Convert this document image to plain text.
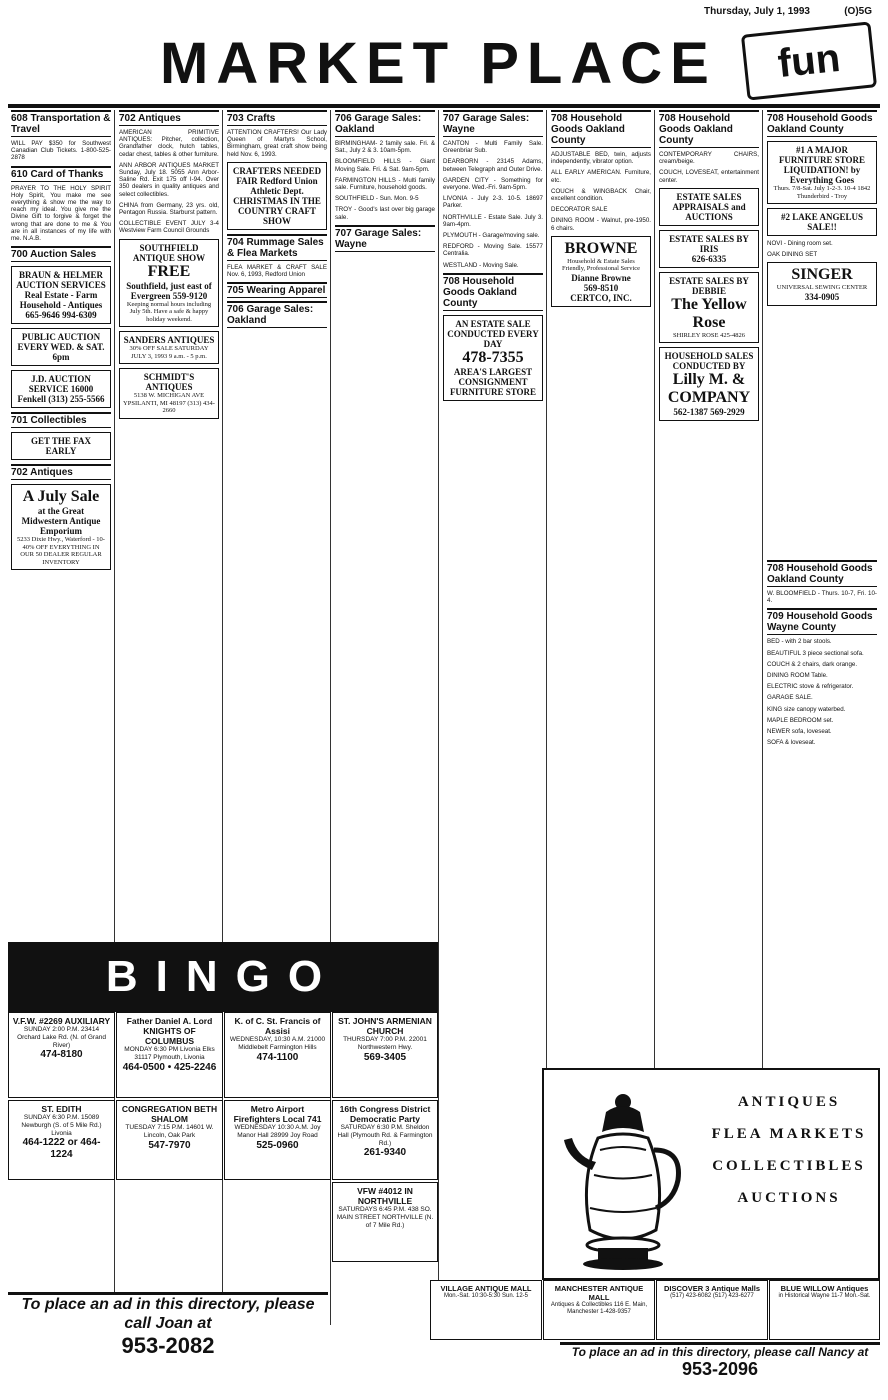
Thursday, July 1, 1993	(O)5G
MARKET PLACE	fun
608 Transportation & Travel
WILL PAY $350 for Southwest Canadian Club Tickets. 1-800-525-2878
610 Card of Thanks
PRAYER TO THE HOLY SPIRIT Holy Spirit, You make me see everything & show me the way to reach my ideal. You give me the Divine Gift to forgive & forget the wrong that are done to me & You are in all instances of my life with me. N.A.B.
700 Auction Sales
BRAUN & HELMER AUCTION SERVICES Real Estate - Farm Household - Antiques 665-9646 994-6309
PUBLIC AUCTION EVERY WED. & SAT. 6pm
J.D. AUCTION SERVICE 16000 Fenkell (313) 255-5566
701 Collectibles
GET THE FAX EARLY
702 Antiques
A July Sale
at the Great Midwestern Antique Emporium
5233 Dixie Hwy., Waterford - 10-40% OFF EVERYTHING IN OUR 50 DEALER REGULAR INVENTORY
702 Antiques
AMERICAN PRIMITIVE ANTIQUES: Pitcher, collection, Grandfather clock, hutch tables, cedar chest, tables & other furniture.
ANN ARBOR ANTIQUES MARKET Sunday, July 18. 5055 Ann Arbor-Saline Rd. Exit 175 off I-94. Over 350 dealers in quality antiques and select collectibles.
CHINA from Germany, 23 yrs. old, Pentagon Russia. Starburst pattern.
COLLECTIBLE EVENT JULY 3-4 Westview Farm Council Grounds
SOUTHFIELD ANTIQUE SHOW
FREE
Southfield, just east of Evergreen 559-9120
Keeping normal hours including July 5th. Have a safe & happy holiday weekend.
SANDERS ANTIQUES
30% OFF SALE SATURDAY JULY 3, 1993 9 a.m. - 5 p.m.
SCHMIDT'S ANTIQUES
5138 W. MICHIGAN AVE YPSILANTI, MI 48197 (313) 434-2660
703 Crafts
ATTENTION CRAFTERS! Our Lady Queen of Martyrs School, Birmingham, great craft show being held Nov. 6, 1993.
CRAFTERS NEEDED FAIR Redford Union Athletic Dept. CHRISTMAS IN THE COUNTRY CRAFT SHOW
704 Rummage Sales & Flea Markets
FLEA MARKET & CRAFT SALE Nov. 6, 1993, Redford Union
705 Wearing Apparel
706 Garage Sales: Oakland
706 Garage Sales: Oakland
BIRMINGHAM- 2 family sale. Fri. & Sat., July 2 & 3. 10am-5pm.
BLOOMFIELD HILLS - Giant Moving Sale. Fri. & Sat. 9am-5pm.
FARMINGTON HILLS - Multi family sale. Furniture, household goods.
SOUTHFIELD - Sun. Mon. 9-5
TROY - Good's last over big garage sale.
707 Garage Sales: Wayne
707 Garage Sales: Wayne
CANTON - Multi Family Sale. Greenbriar Sub.
DEARBORN - 23145 Adams, between Telegraph and Outer Drive.
GARDEN CITY - Something for everyone. Wed.-Fri. 9am-5pm.
LIVONIA - July 2-3. 10-5. 18697 Parker.
NORTHVILLE - Estate Sale. July 3. 9am-4pm.
PLYMOUTH - Garage/moving sale.
REDFORD - Moving Sale. 15577 Centralia.
WESTLAND - Moving Sale.
708 Household Goods Oakland County
AN ESTATE SALE CONDUCTED EVERY DAY
478-7355
AREA'S LARGEST CONSIGNMENT FURNITURE STORE
708 Household Goods Oakland County
ADJUSTABLE BED, twin, adjusts independently, vibrator option.
ALL EARLY AMERICAN. Furniture, etc.
COUCH & WINGBACK Chair, excellent condition.
DECORATOR SALE
DINING ROOM - Walnut, pre-1950. 6 chairs.
BROWNE
Household & Estate Sales Friendly, Professional Service
Dianne Browne
569-8510
CERTCO, INC.
708 Household Goods Oakland County
CONTEMPORARY CHAIRS, cream/beige.
COUCH, LOVESEAT, entertainment center.
ESTATE SALES APPRAISALS and AUCTIONS
ESTATE SALES BY IRIS
626-6335
ESTATE SALES BY DEBBIE
The Yellow Rose
SHIRLEY ROSE 425-4826
HOUSEHOLD SALES CONDUCTED BY
Lilly M. & COMPANY
562-1387 569-2929
708 Household Goods Oakland County
#1 A MAJOR FURNITURE STORE LIQUIDATION! by Everything Goes
Thurs. 7/8-Sat. July 1-2-3. 10-4 1842 Thunderbird - Troy
#2 LAKE ANGELUS SALE!!
NOVI - Dining room set.
OAK DINING SET
SINGER
UNIVERSAL SEWING CENTER
334-0905
708 Household Goods Oakland County
W. BLOOMFIELD - Thurs. 10-7, Fri. 10-4.
709 Household Goods Wayne County
BED - with 2 bar stools.
BEAUTIFUL 3 piece sectional sofa.
COUCH & 2 chairs, dark orange.
DINING ROOM Table.
ELECTRIC stove & refrigerator.
GARAGE SALE.
KING size canopy waterbed.
MAPLE BEDROOM set.
NEWER sofa, loveseat.
SOFA & loveseat.
BINGO
V.F.W. #2269 AUXILIARY
SUNDAY 2:00 P.M. 23414 Orchard Lake Rd. (N. of Grand River)
474-8180
Father Daniel A. Lord KNIGHTS OF COLUMBUS
MONDAY 6:30 PM Livonia Elks 31117 Plymouth, Livonia
464-0500 • 425-2246
K. of C. St. Francis of Assisi
WEDNESDAY, 10:30 A.M. 21000 Middlebelt Farmington Hills
474-1100
ST. JOHN'S ARMENIAN CHURCH
THURSDAY 7:00 P.M. 22001 Northwestern Hwy.
569-3405
ST. EDITH
SUNDAY 6:30 P.M. 15089 Newburgh (S. of 5 Mile Rd.) Livonia
464-1222 or 464-1224
CONGREGATION BETH SHALOM
TUESDAY 7:15 P.M. 14601 W. Lincoln, Oak Park
547-7970
Metro Airport Firefighters Local 741
WEDNESDAY 10:30 A.M. Joy Manor Hall 28999 Joy Road
525-0960
16th Congress District Democratic Party
SATURDAY 6:30 P.M. Sheldon Hall (Plymouth Rd. & Farmington Rd.)
261-9340
VFW #4012 IN NORTHVILLE
SATURDAYS 6:45 P.M. 438 SO. MAIN STREET NORTHVILLE (N. of 7 Mile Rd.)
To place an ad in this directory, please call Joan at
953-2082
ANTIQUES
FLEA MARKETS
COLLECTIBLES
AUCTIONS
VILLAGE ANTIQUE MALL
Mon.-Sat. 10:30-5:30 Sun. 12-5
MANCHESTER ANTIQUE MALL
Antiques & Collectibles 116 E. Main, Manchester 1-428-9357
DISCOVER 3 Antique Malls
(517) 423-6082 (517) 423-6277
BLUE WILLOW Antiques
in Historical Wayne 11-7 Mon.-Sat.
To place an ad in this directory, please call Nancy at
953-2096
